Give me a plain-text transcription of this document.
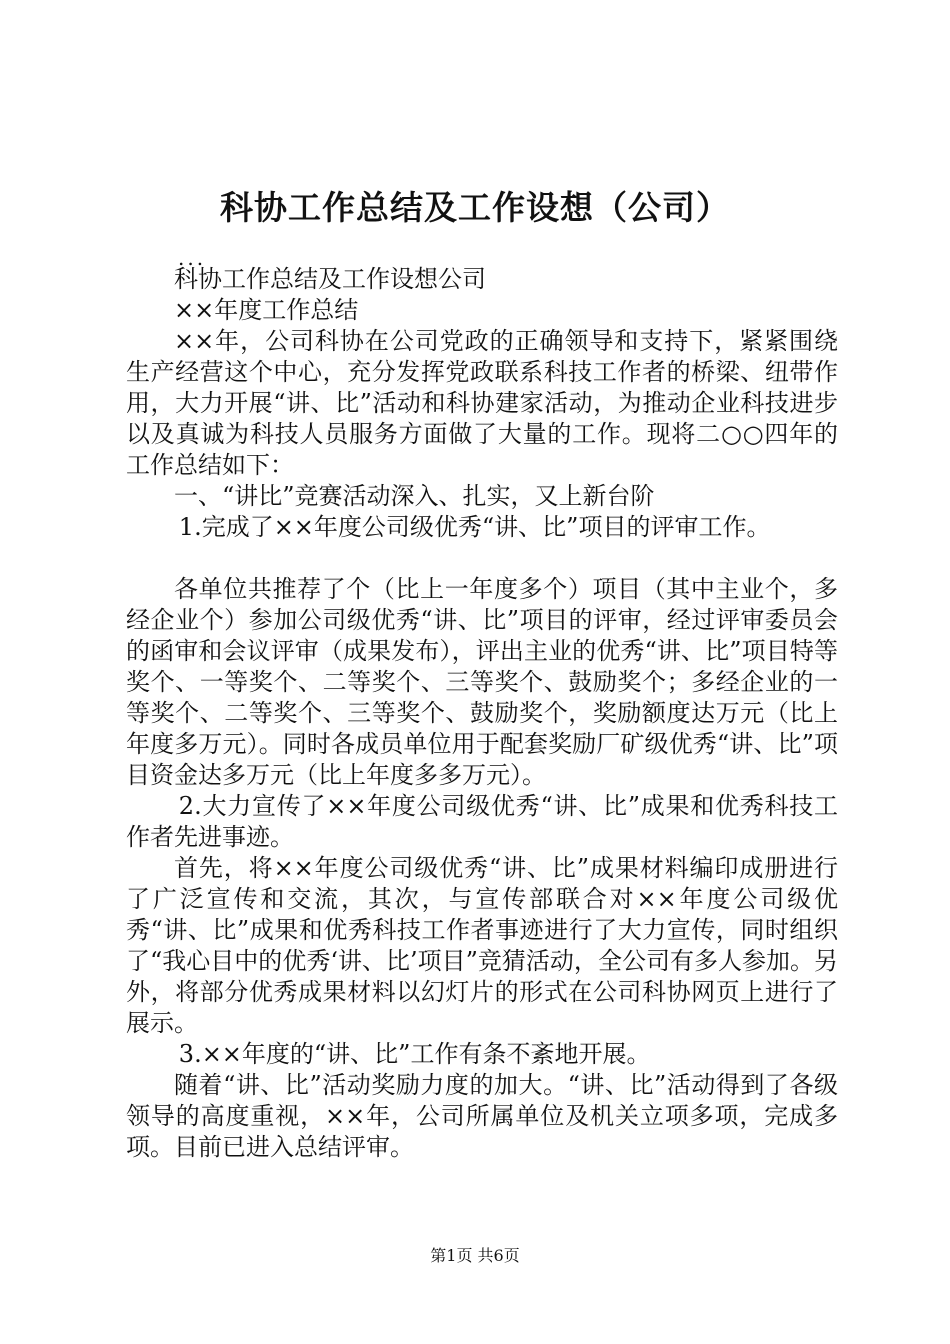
科协工作总结及工作设想（公司）
...

科协工作总结及工作设想公司

××年度工作总结

××年，公司科协在公司党政的正确领导和支持下，紧紧围绕生产经营这个中心，充分发挥党政联系科技工作者的桥梁、纽带作用，大力开展“讲、比”活动和科协建家活动，为推动企业科技进步以及真诚为科技人员服务方面做了大量的工作。现将二○○四年的工作总结如下：

一、“讲比”竞赛活动深入、扎实，又上新台阶

1.完成了××年度公司级优秀“讲、比”项目的评审工作。

各单位共推荐了个（比上一年度多个）项目（其中主业个，多经企业个）参加公司级优秀“讲、比”项目的评审，经过评审委员会的函审和会议评审（成果发布），评出主业的优秀“讲、比”项目特等奖个、一等奖个、二等奖个、三等奖个、鼓励奖个；多经企业的一等奖个、二等奖个、三等奖个、鼓励奖个，奖励额度达万元（比上年度多万元）。同时各成员单位用于配套奖励厂矿级优秀“讲、比”项目资金达多万元（比上年度多多万元）。

2.大力宣传了××年度公司级优秀“讲、比”成果和优秀科技工作者先进事迹。

首先，将××年度公司级优秀“讲、比”成果材料编印成册进行了广泛宣传和交流，其次，与宣传部联合对××年度公司级优秀“讲、比”成果和优秀科技工作者事迹进行了大力宣传，同时组织了“我心目中的优秀‘讲、比’项目”竞猜活动，全公司有多人参加。另外，将部分优秀成果材料以幻灯片的形式在公司科协网页上进行了展示。

3.××年度的“讲、比”工作有条不紊地开展。

随着“讲、比”活动奖励力度的加大。“讲、比”活动得到了各级领导的高度重视，××年，公司所属单位及机关立项多项，完成多项。目前已进入总结评审。

第1页 共6页
